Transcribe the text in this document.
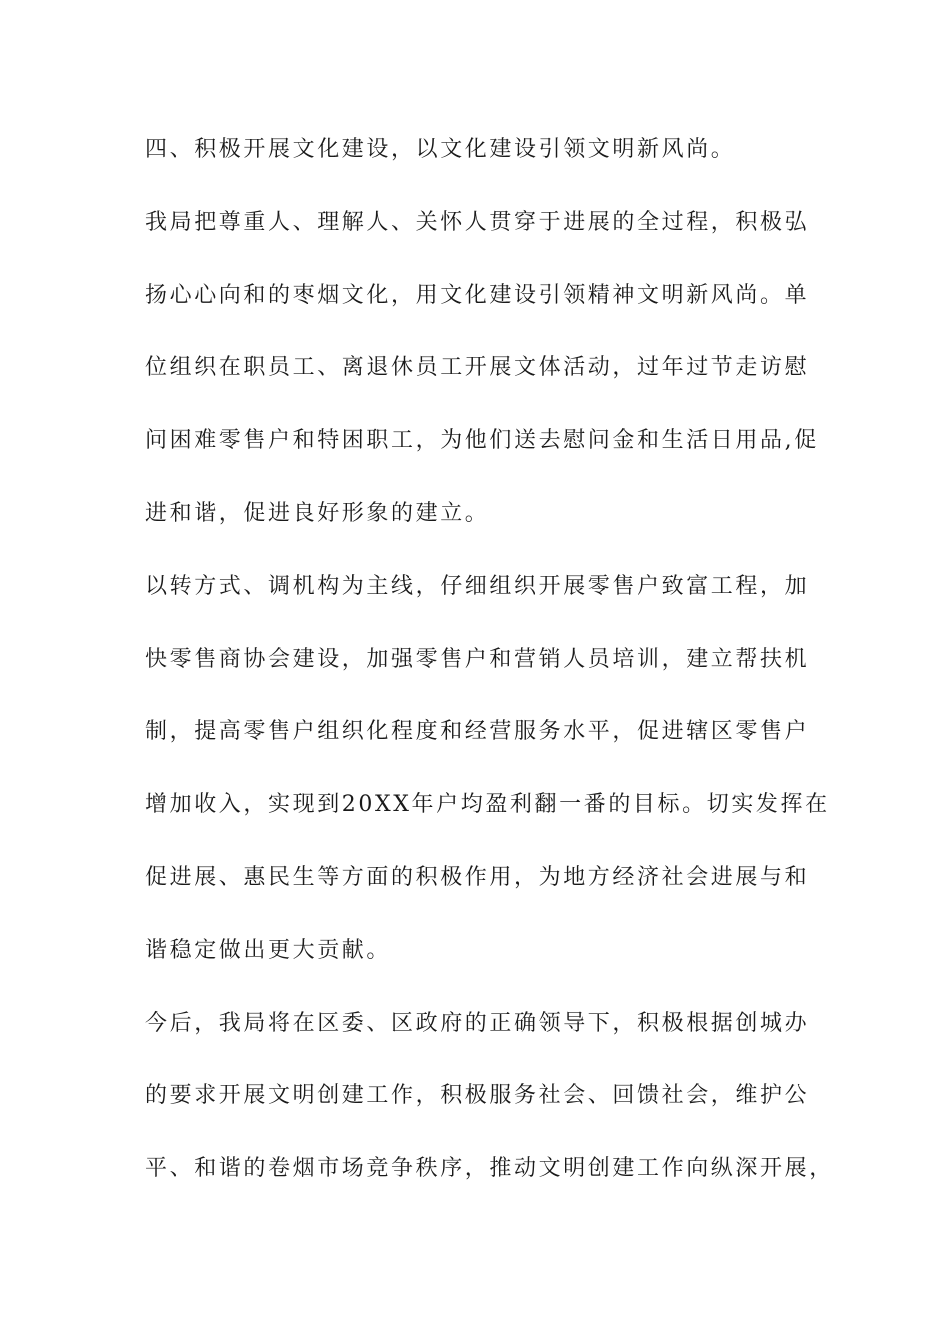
四、积极开展文化建设，以文化建设引领文明新风尚。
我局把尊重人、理解人、关怀人贯穿于进展的全过程，积极弘
扬心心向和的枣烟文化，用文化建设引领精神文明新风尚。单
位组织在职员工、离退休员工开展文体活动，过年过节走访慰
问困难零售户和特困职工，为他们送去慰问金和生活日用品,促
进和谐，促进良好形象的建立。
以转方式、调机构为主线，仔细组织开展零售户致富工程，加
快零售商协会建设，加强零售户和营销人员培训，建立帮扶机
制，提高零售户组织化程度和经营服务水平，促进辖区零售户
增加收入，实现到20XX年户均盈利翻一番的目标。切实发挥在
促进展、惠民生等方面的积极作用，为地方经济社会进展与和
谐稳定做出更大贡献。
今后，我局将在区委、区政府的正确领导下，积极根据创城办
的要求开展文明创建工作，积极服务社会、回馈社会，维护公
平、和谐的卷烟市场竞争秩序，推动文明创建工作向纵深开展，
